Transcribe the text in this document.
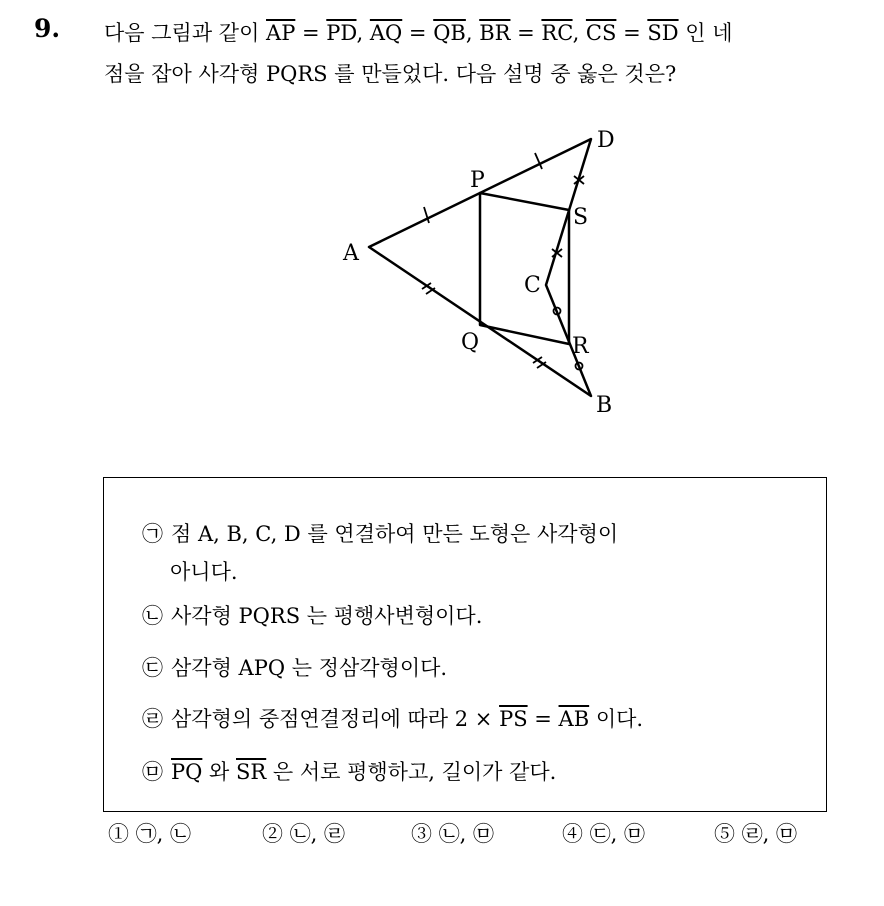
9. 다음 그림과 같이 $\overline{AP} = \overline{PD}$, $\overline{AQ} = \overline{QB}$, $\overline{BR} = \overline{RC}$, $\overline{CS} = \overline{SD}$ 인 네
점을 잡아 사각형 PQRS 를 만들었다. 다음 설명 중 옳은 것은?
A
B
C
D
P
Q	R
S
㉠ 점 A, B, C, D 를 연결하여 만든 도형은 사각형이
아니다.
㉡ 사각형 PQRS 는 평행사변형이다.
㉢ 삼각형 APQ 는 정삼각형이다.
㉣ 삼각형의 중점연결정리에 따라 $2 \times \overline{PS} = \overline{AB}$ 이다.
㉤ $\overline{PQ}$ 와 $\overline{SR}$ 은 서로 평행하고, 길이가 같다.
① ㉠, ㉡	② ㉡, ㉣	③ ㉡, ㉤	④ ㉢, ㉤	⑤ ㉣, ㉤
